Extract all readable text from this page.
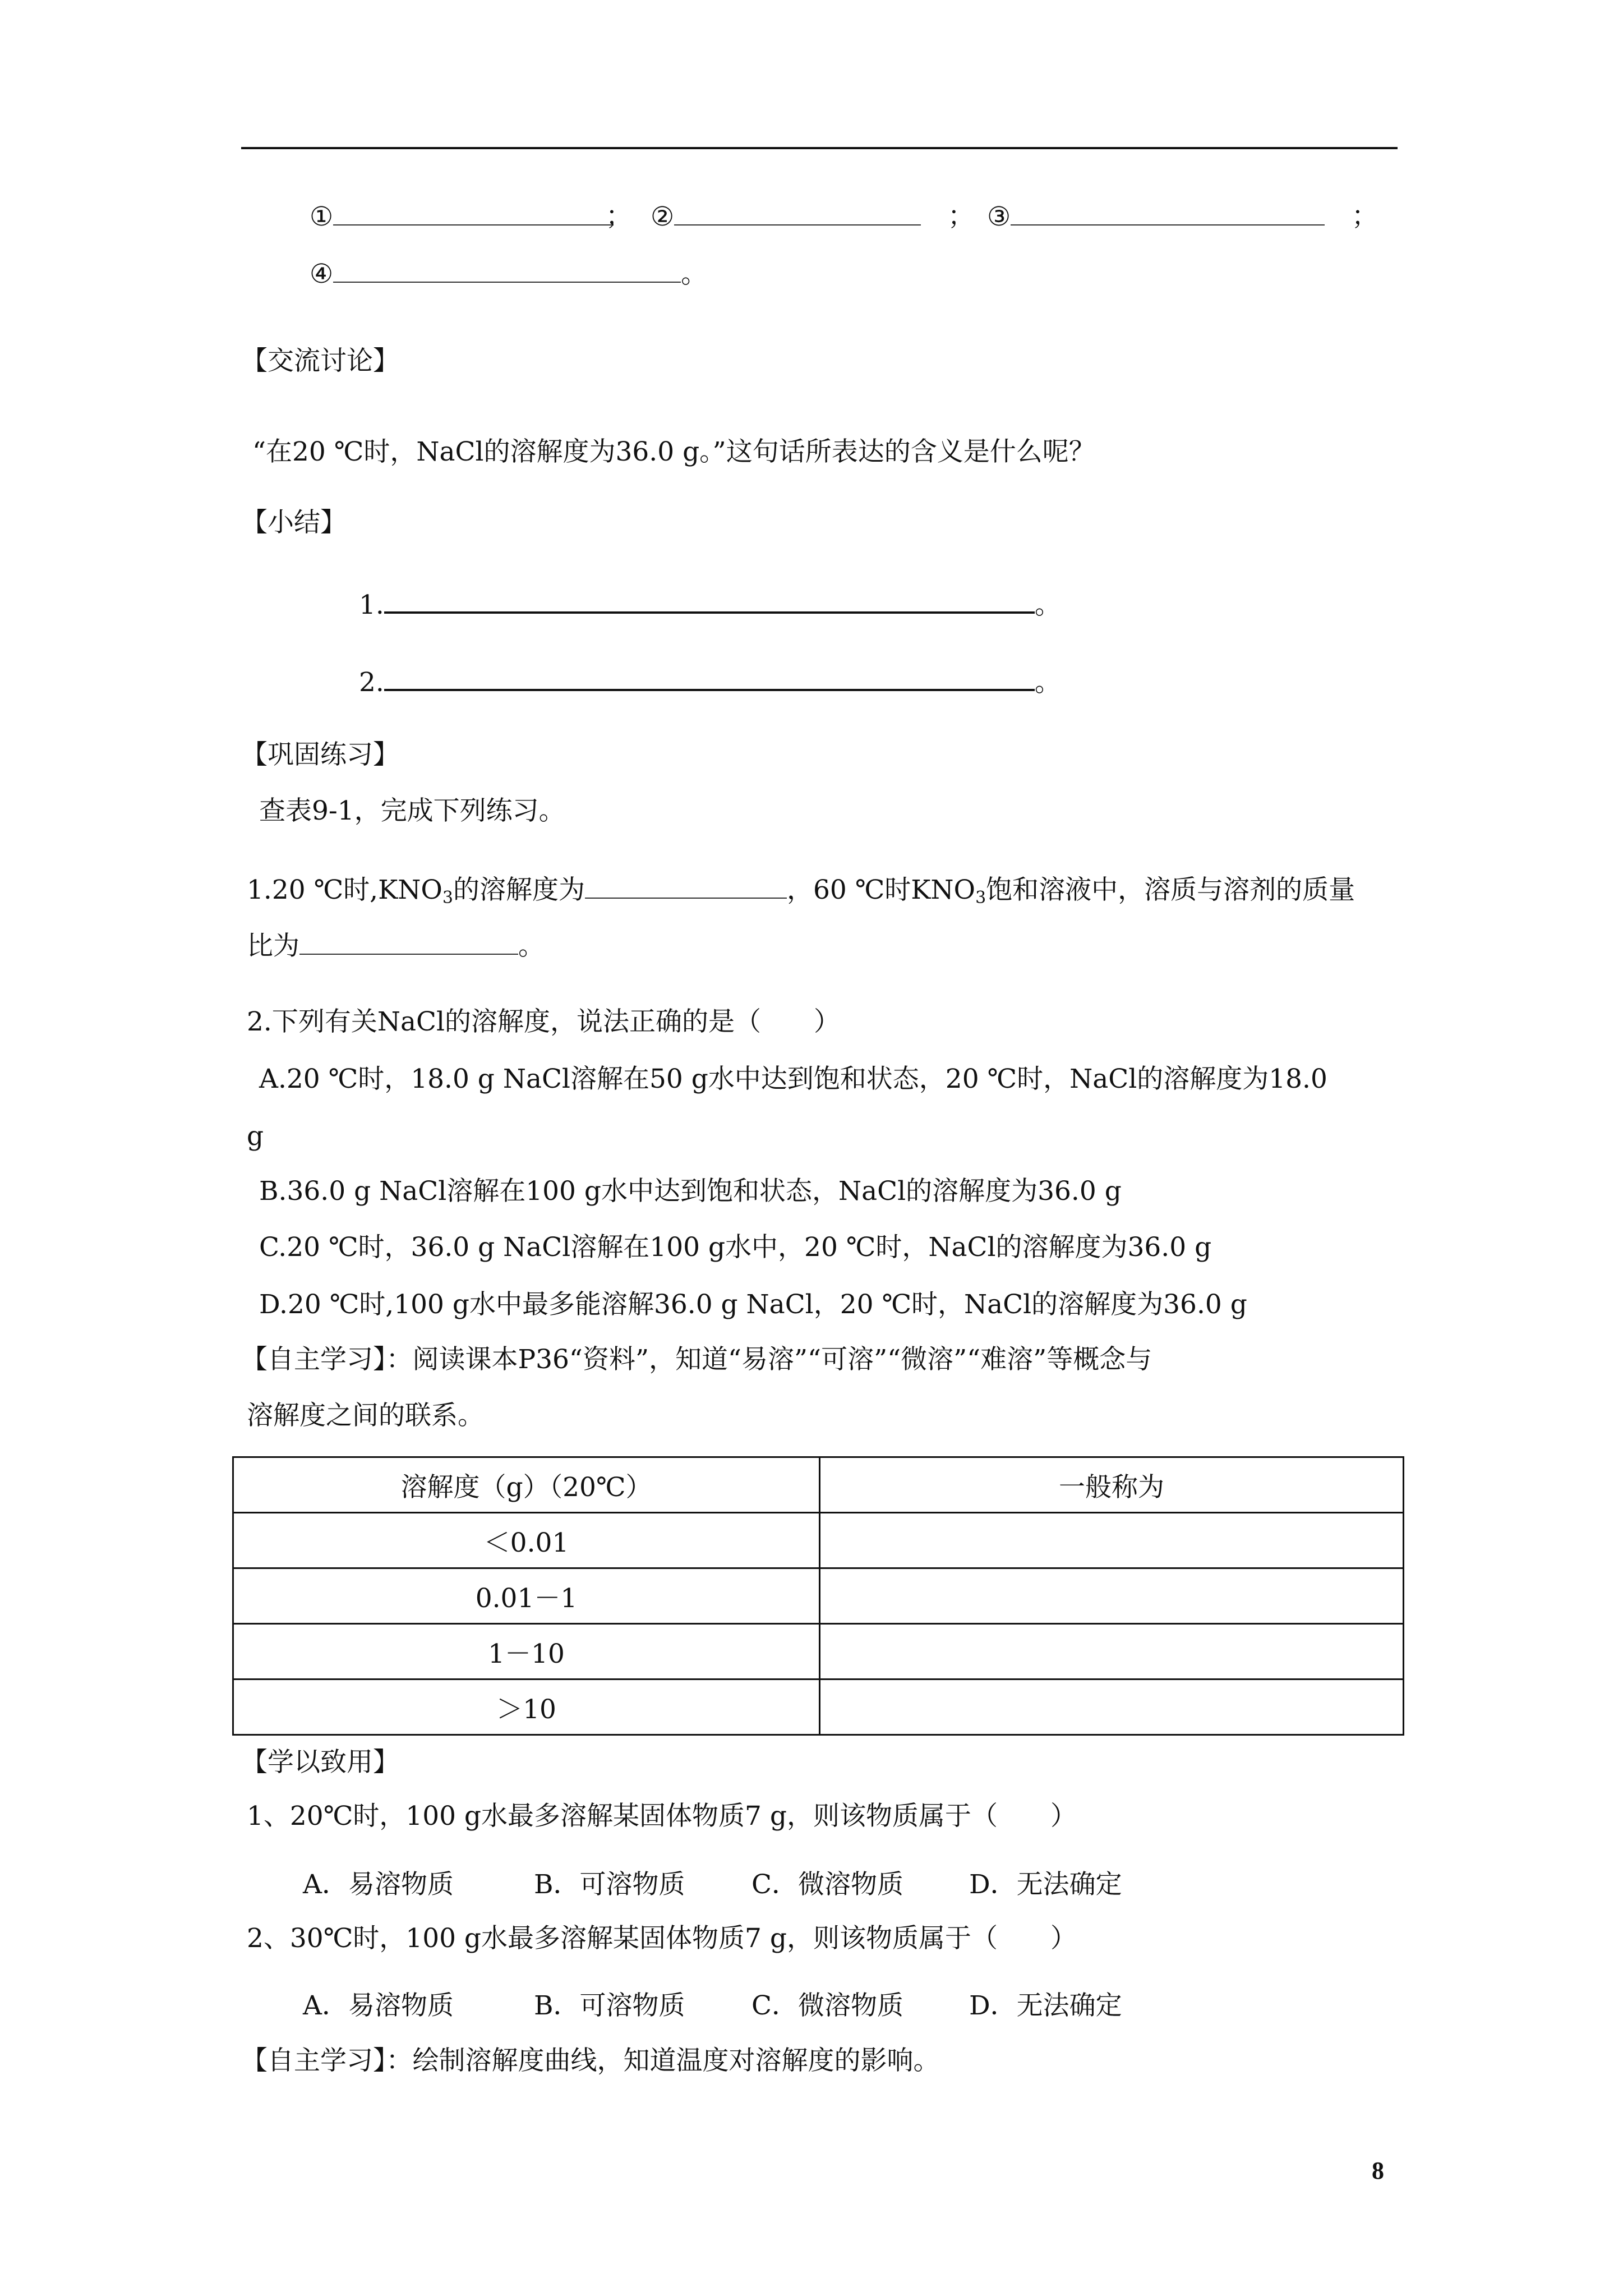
①	； ②	； ③	；
④	。
【交流讨论】
“在20 ℃时，NaCl的溶解度为36.0 g。”这句话所表达的含义是什么呢？
【小结】
1.	。
2.	。
【巩固练习】
查表9-1，完成下列练习。
1.20 ℃时$,KNO_3$的溶解度为	，60 ℃时$KNO_3$饱和溶液中，溶质与溶剂的质量
比为	。
2.下列有关NaCl的溶解度，说法正确的是（　　）
A.20 ℃时，18.0 g NaCl溶解在50 g水中达到饱和状态，20 ℃时，NaCl的溶解度为18.0
g
B.36.0 g NaCl溶解在100 g水中达到饱和状态，NaCl的溶解度为36.0 g
C.20 ℃时，36.0 g NaCl溶解在100 g水中，20 ℃时，NaCl的溶解度为36.0 g
D.20 ℃时,100 g水中最多能溶解36.0 g NaCl，20 ℃时，NaCl的溶解度为36.0 g
【自主学习】：阅读课本P36“资料”，知道“易溶”“可溶”“微溶”“难溶”等概念与
溶解度之间的联系。
溶解度（g）（20℃）	一般称为
＜0.01	
0.01－1	
1－10	
＞10	
【学以致用】
1、20℃时，100 g水最多溶解某固体物质7 g，则该物质属于（　　）
A．易溶物质	B．可溶物质	C．微溶物质 D．无法确定
2、30℃时，100 g水最多溶解某固体物质7 g，则该物质属于（　　）
A．易溶物质	B．可溶物质	C．微溶物质 D．无法确定
【自主学习】：绘制溶解度曲线，知道温度对溶解度的影响。
8
